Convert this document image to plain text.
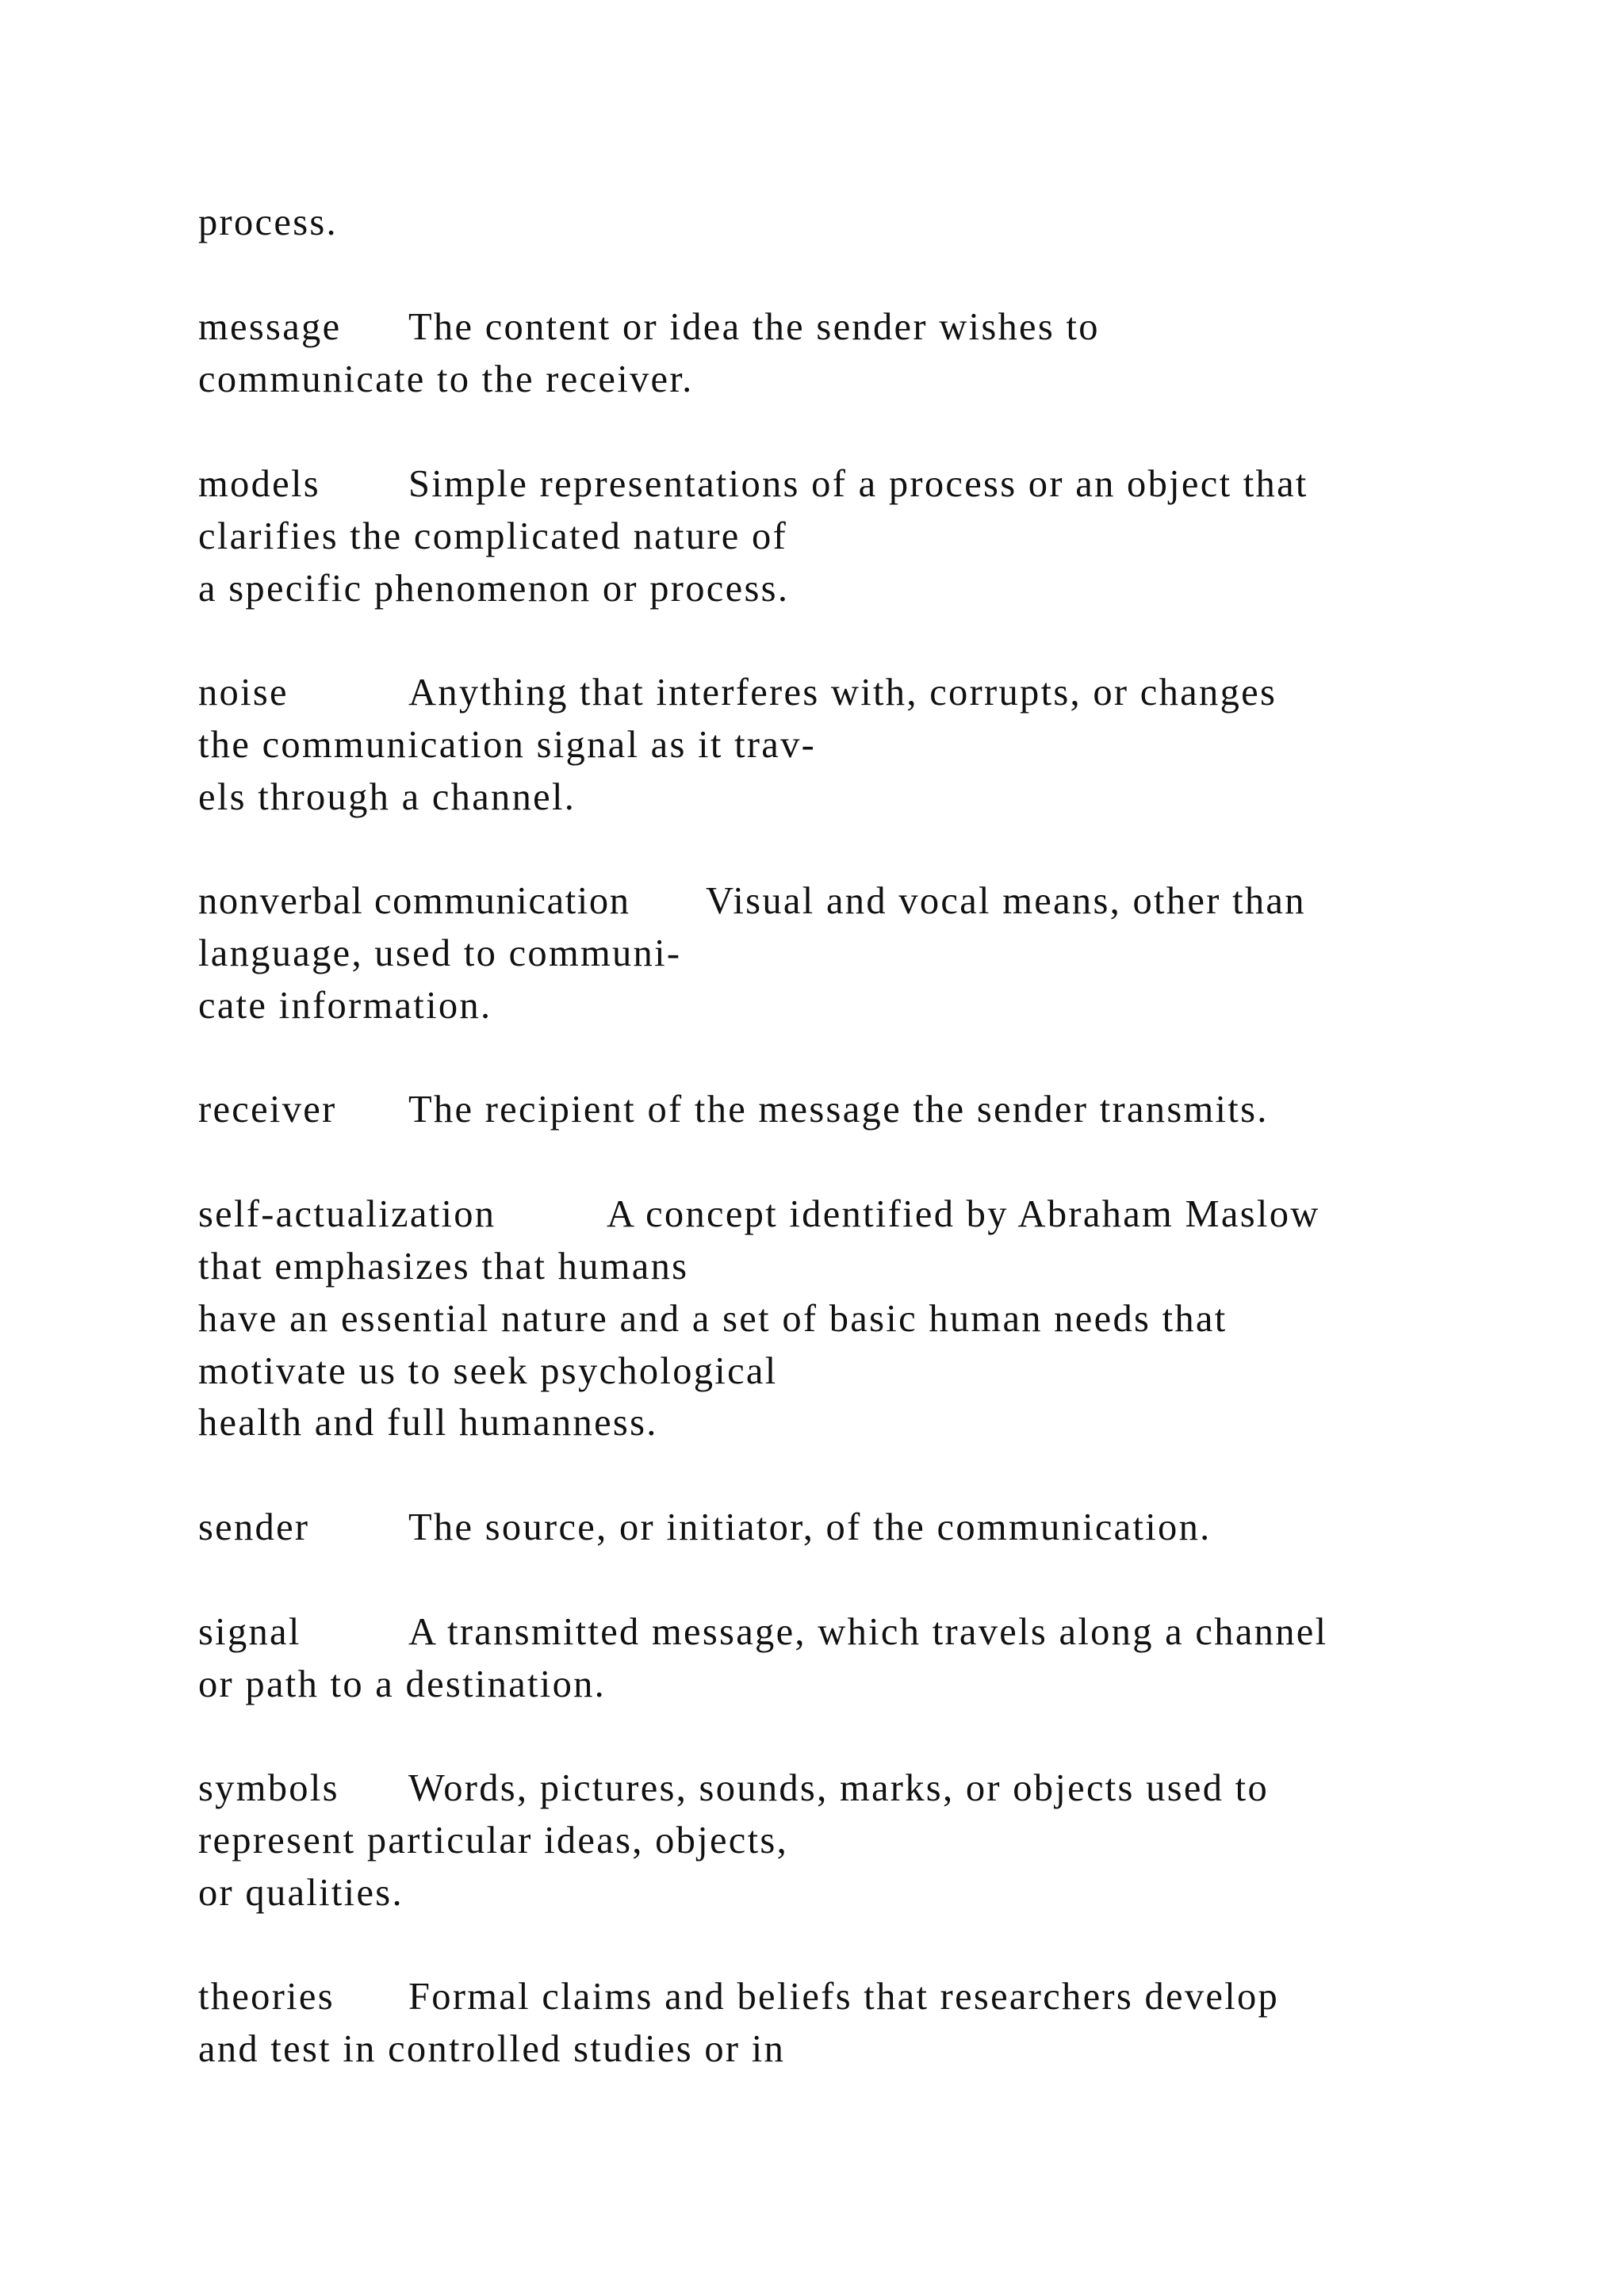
process.

message The content or idea the sender wishes to

communicate to the receiver.

models Simple representations of a process or an object that

clarifies the complicated nature of

a specific phenomenon or process.

noise	Anything that interferes with, corrupts, or changes

the communication signal as it trav-

els through a channel.

nonverbal communication Visual and vocal means, other than

language, used to communi-

cate information.

receiver The recipient of the message the sender transmits.

self-actualization	A concept identified by Abraham Maslow

that emphasizes that humans

have an essential nature and a set of basic human needs that

motivate us to seek psychological

health and full humanness.

sender	The source, or initiator, of the communication.

signal	A transmitted message, which travels along a channel

or path to a destination.

symbols Words, pictures, sounds, marks, or objects used to

represent particular ideas, objects,

or qualities.

theories Formal claims and beliefs that researchers develop

and test in controlled studies or in
